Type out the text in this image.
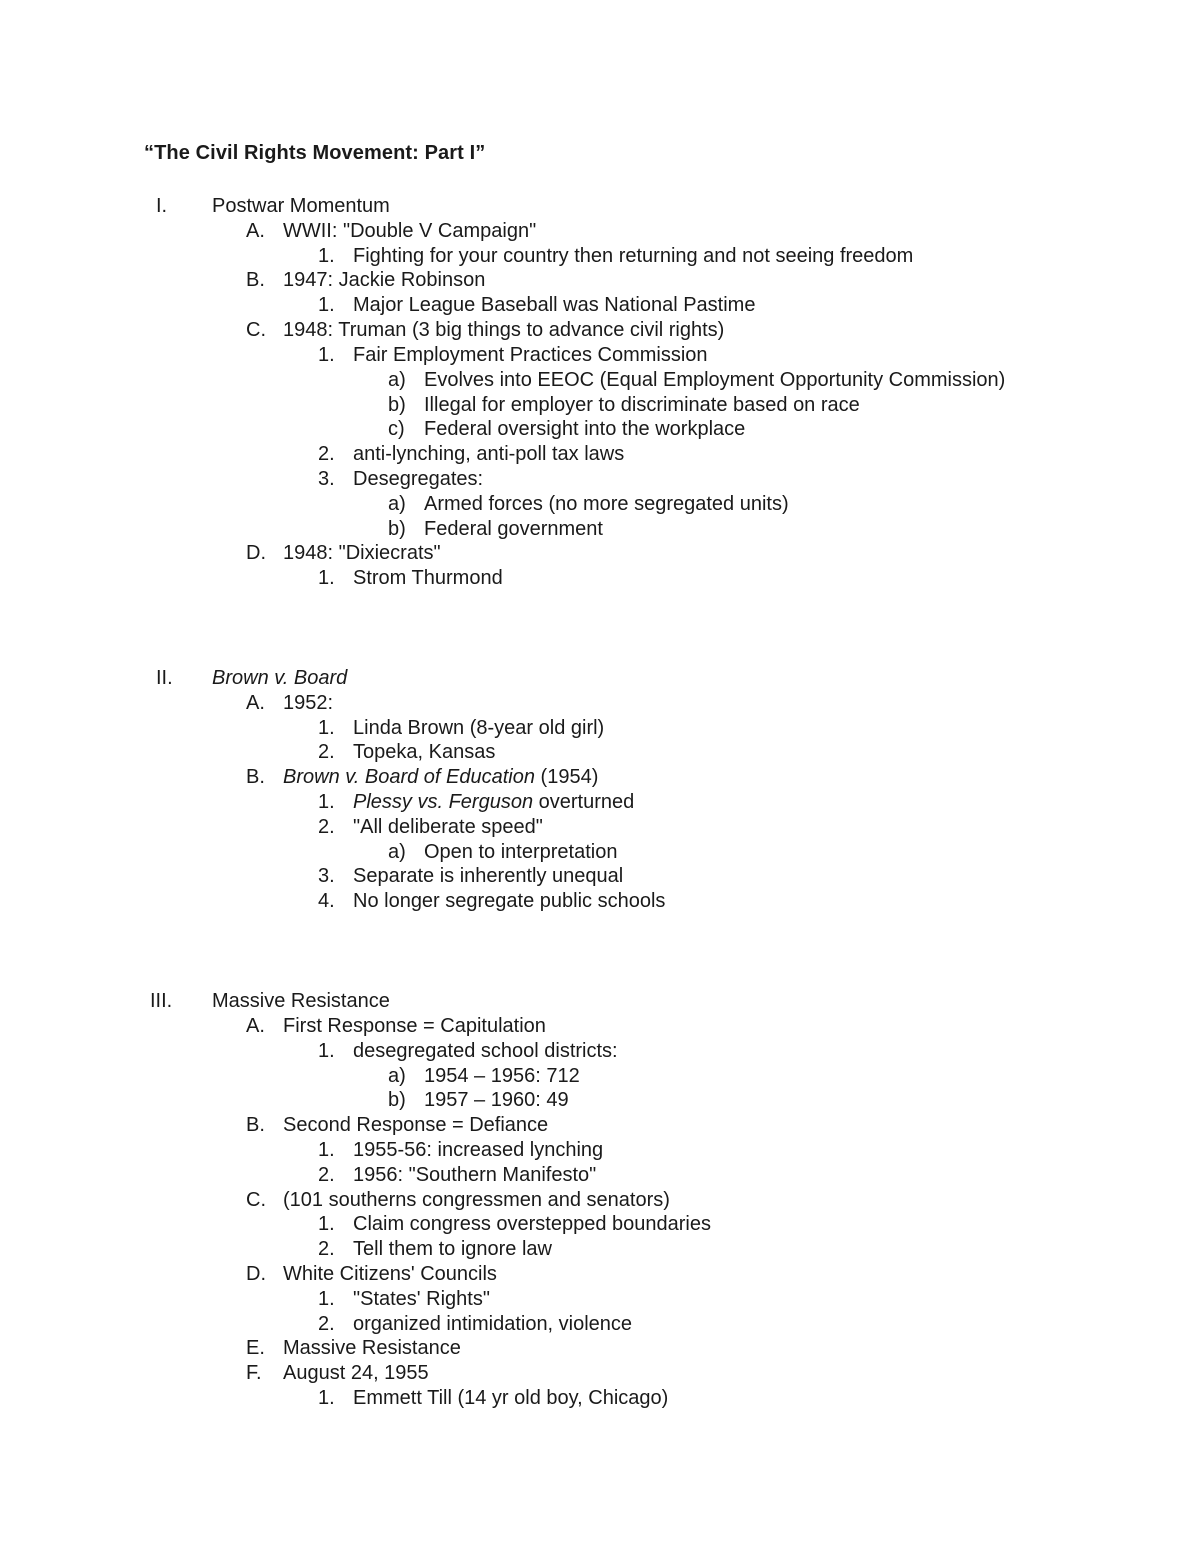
“The Civil Rights Movement: Part I”
I. Postwar Momentum
A. WWII: "Double V Campaign"
1. Fighting for your country then returning and not seeing freedom
B. 1947: Jackie Robinson
1. Major League Baseball was National Pastime
C. 1948: Truman (3 big things to advance civil rights)
1. Fair Employment Practices Commission
a) Evolves into EEOC (Equal Employment Opportunity Commission)
b) Illegal for employer to discriminate based on race
c) Federal oversight into the workplace
2. anti-lynching, anti-poll tax laws
3. Desegregates:
a) Armed forces (no more segregated units)
b) Federal government
D. 1948: "Dixiecrats"
1. Strom Thurmond
II. Brown v. Board
A. 1952:
1. Linda Brown (8-year old girl)
2. Topeka, Kansas
B. Brown v. Board of Education (1954)
1. Plessy vs. Ferguson overturned
2. "All deliberate speed"
a) Open to interpretation
3. Separate is inherently unequal
4. No longer segregate public schools
III. Massive Resistance
A. First Response = Capitulation
1. desegregated school districts:
a) 1954 – 1956: 712
b) 1957 – 1960: 49
B. Second Response = Defiance
1. 1955-56: increased lynching
2. 1956: "Southern Manifesto"
C. (101 southerns congressmen and senators)
1. Claim congress overstepped boundaries
2. Tell them to ignore law
D. White Citizens' Councils
1. "States' Rights"
2. organized intimidation, violence
E. Massive Resistance
F. August 24, 1955
1. Emmett Till (14 yr old boy, Chicago)
